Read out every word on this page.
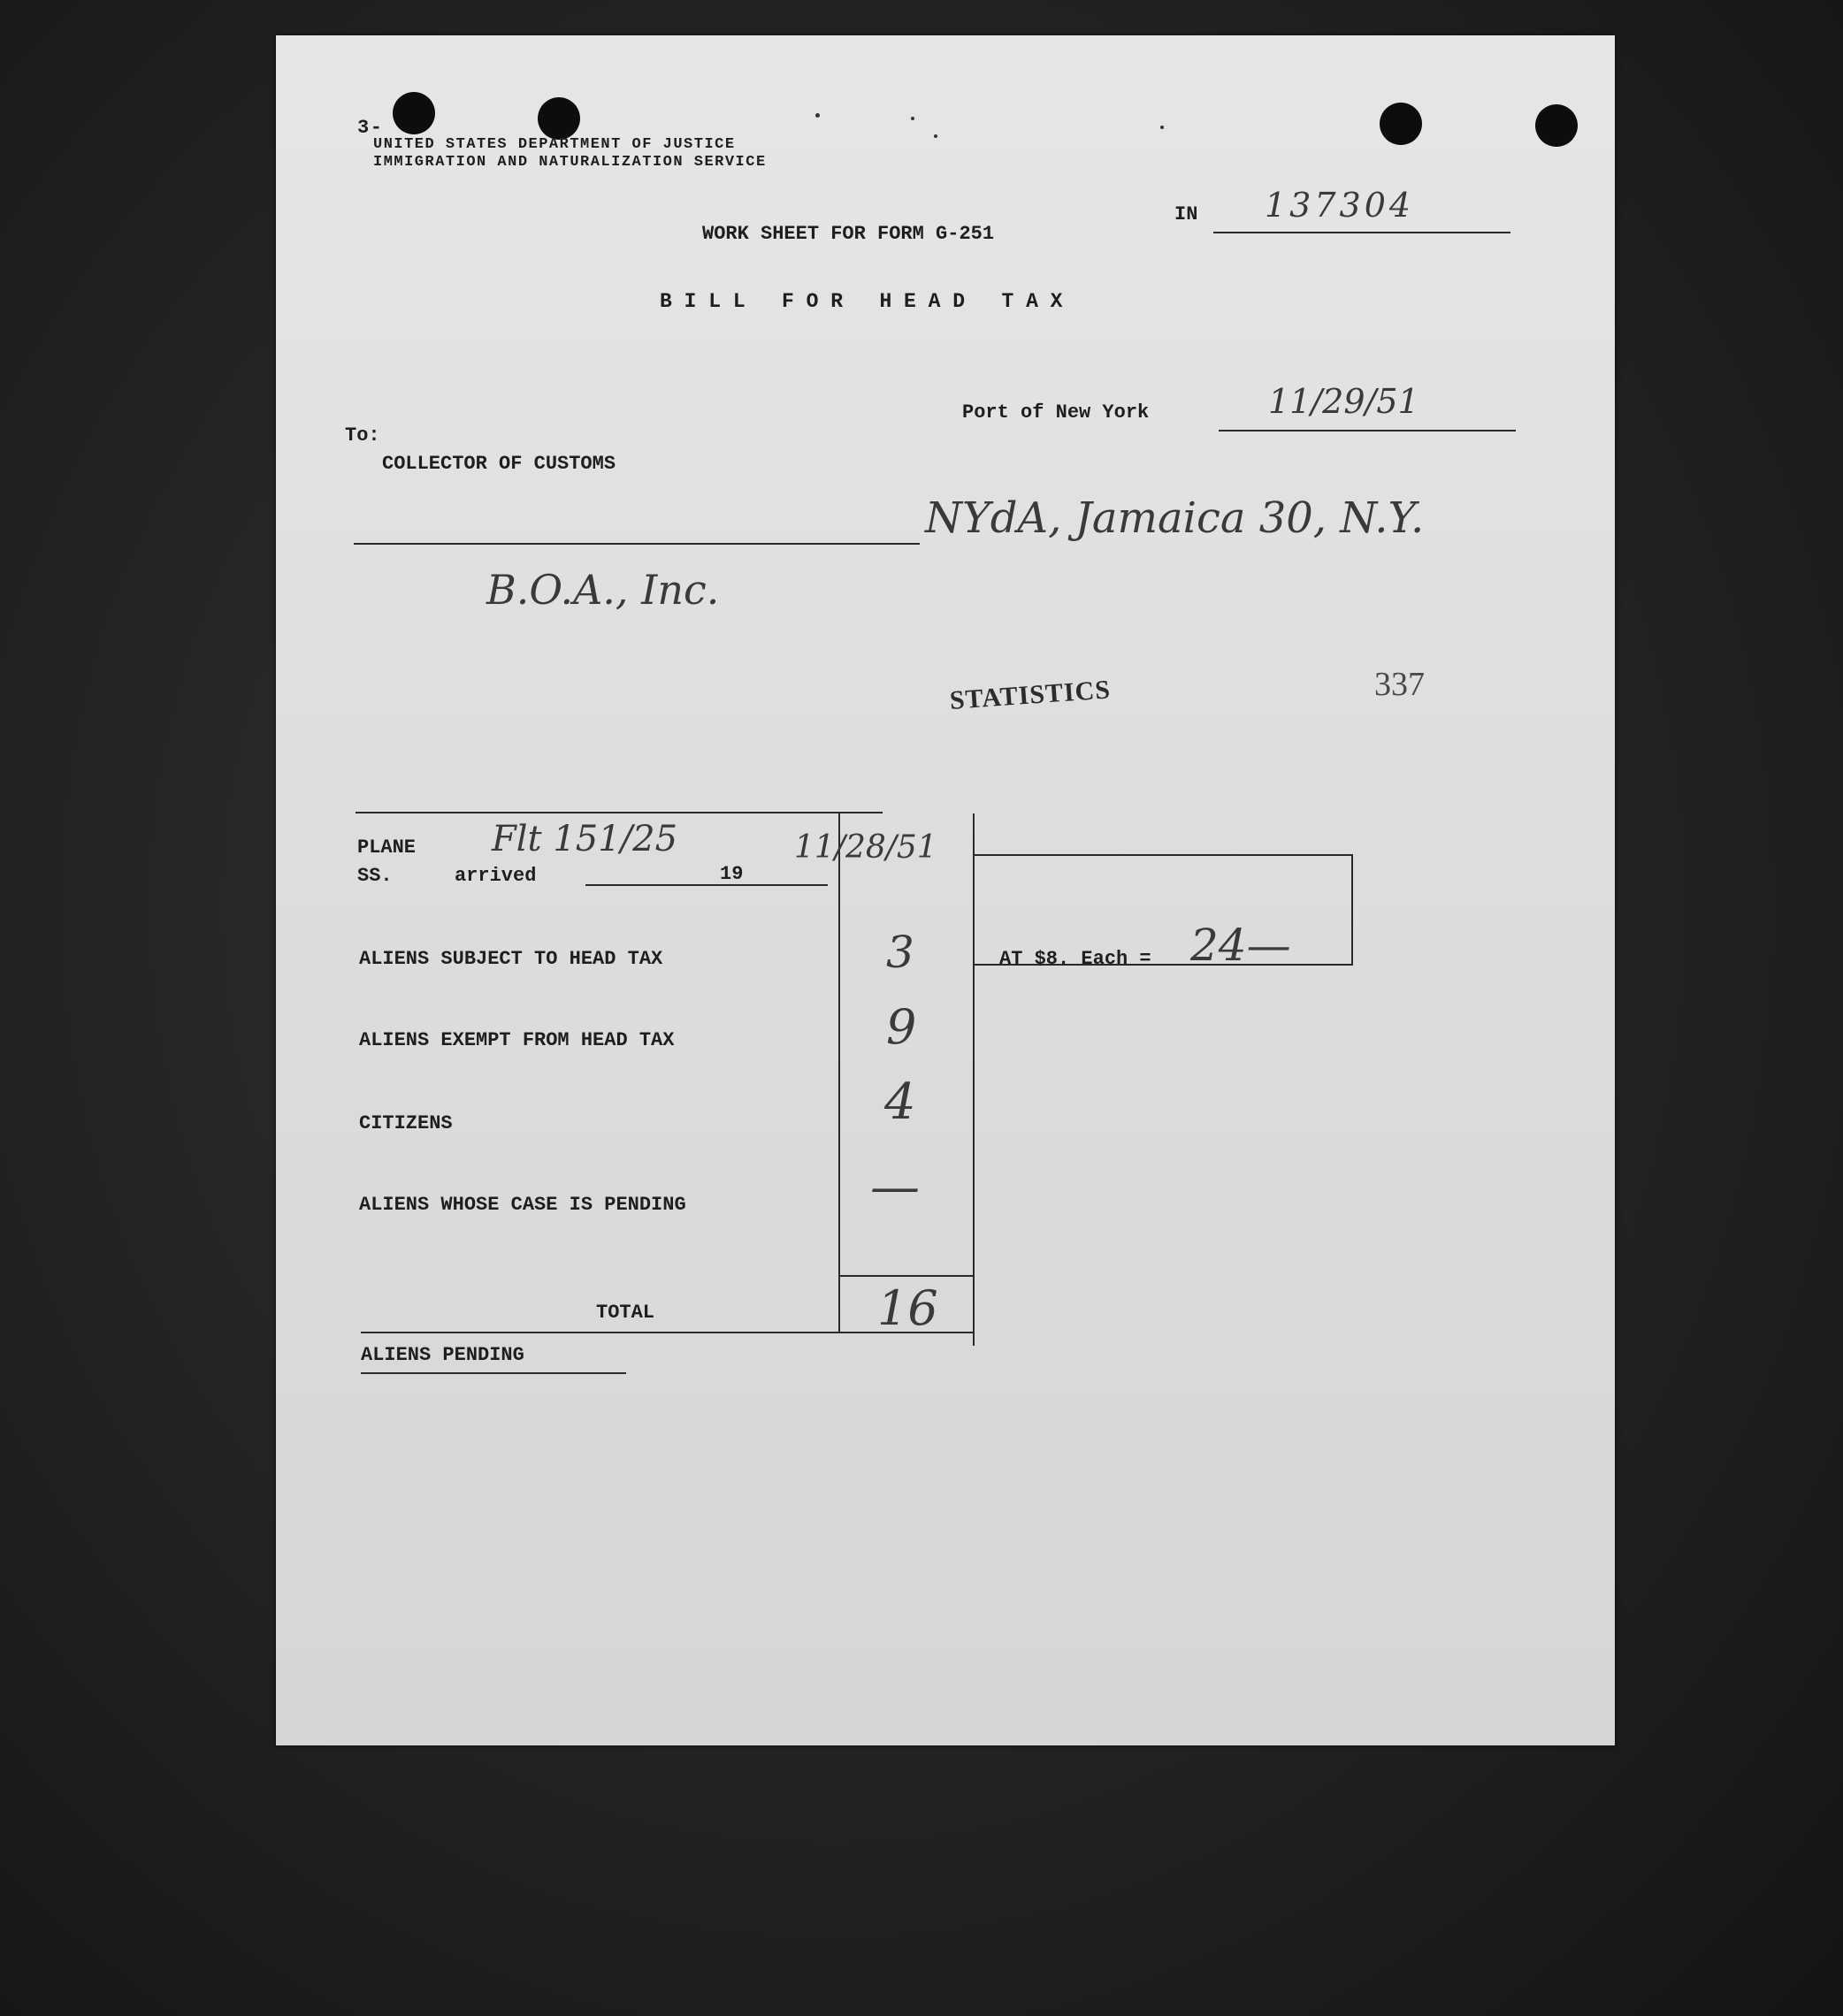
3-
UNITED STATES DEPARTMENT OF JUSTICE
IMMIGRATION AND NATURALIZATION SERVICE
IN 137304
WORK SHEET FOR FORM G-251
B I L L   F O R   H E A D   T A X
Port of New York	11/29/51
To:
COLLECTOR OF CUSTOMS
NYdA, Jamaica 30, N.Y.
B.O.A., Inc.
STATISTICS	337
PLANE Flt 151/25
SS.	arrived	19
11/28/51
ALIENS SUBJECT TO HEAD TAX	3
ALIENS EXEMPT FROM HEAD TAX	9
CITIZENS	4
ALIENS WHOSE CASE IS PENDING	—
TOTAL	16
AT $8. Each = 24—
ALIENS PENDING
